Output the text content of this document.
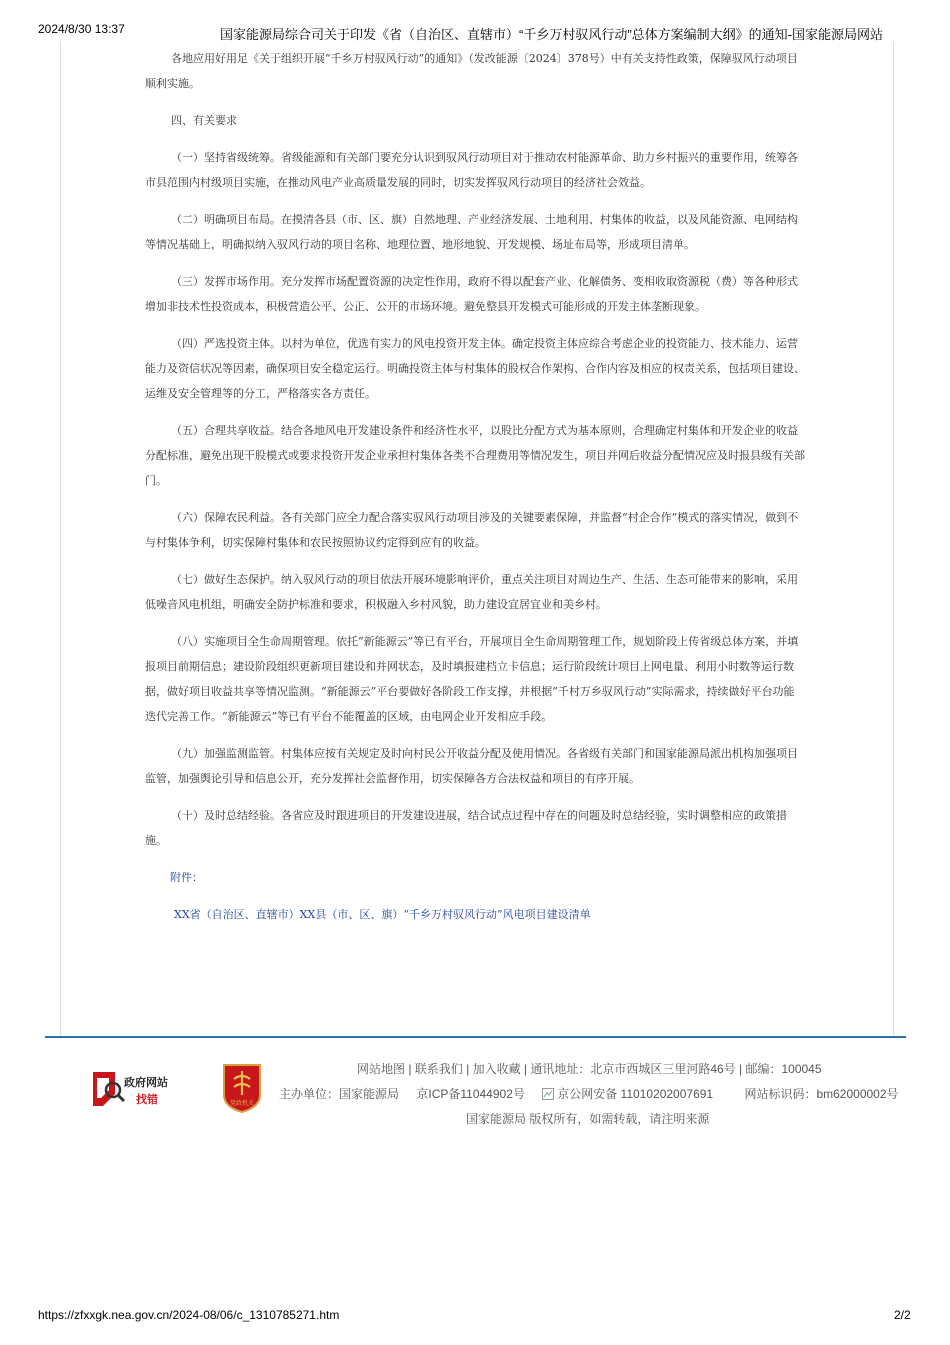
2024/8/30 13:37	国家能源局综合司关于印发《省（自治区、直辖市）“千乡万村驭风行动”总体方案编制大纲》的通知-国家能源局网站

各地应用好用足《关于组织开展“千乡万村驭风行动”的通知》（发改能源〔2024〕378号）中有关支持性政策，保障驭风行动项目顺利实施。

四、有关要求

（一）坚持省级统筹。省级能源和有关部门要充分认识到驭风行动项目对于推动农村能源革命、助力乡村振兴的重要作用，统筹各市县范围内村级项目实施，在推动风电产业高质量发展的同时，切实发挥驭风行动项目的经济社会效益。

（二）明确项目布局。在摸清各县（市、区、旗）自然地理、产业经济发展、土地利用、村集体的收益，以及风能资源、电网结构等情况基础上，明确拟纳入驭风行动的项目名称、地理位置、地形地貌、开发规模、场址布局等，形成项目清单。

（三）发挥市场作用。充分发挥市场配置资源的决定性作用，政府不得以配套产业、化解债务、变相收取资源税（费）等各种形式增加非技术性投资成本，积极营造公平、公正、公开的市场环境。避免整县开发模式可能形成的开发主体垄断现象。

（四）严选投资主体。以村为单位，优选有实力的风电投资开发主体。确定投资主体应综合考虑企业的投资能力、技术能力、运营能力及资信状况等因素，确保项目安全稳定运行。明确投资主体与村集体的股权合作架构、合作内容及相应的权责关系，包括项目建设、运维及安全管理等的分工，严格落实各方责任。

（五）合理共享收益。结合各地风电开发建设条件和经济性水平，以股比分配方式为基本原则，合理确定村集体和开发企业的收益分配标准，避免出现干股模式或要求投资开发企业承担村集体各类不合理费用等情况发生，项目并网后收益分配情况应及时报县级有关部门。

（六）保障农民利益。各有关部门应全力配合落实驭风行动项目涉及的关键要素保障，并监督“村企合作”模式的落实情况，做到不与村集体争利，切实保障村集体和农民按照协议约定得到应有的收益。

（七）做好生态保护。纳入驭风行动的项目依法开展环境影响评价，重点关注项目对周边生产、生活、生态可能带来的影响，采用低噪音风电机组，明确安全防护标准和要求，积极融入乡村风貌，助力建设宜居宜业和美乡村。

（八）实施项目全生命周期管理。依托“新能源云”等已有平台，开展项目全生命周期管理工作，规划阶段上传省级总体方案，并填报项目前期信息；建设阶段组织更新项目建设和并网状态，及时填报建档立卡信息；运行阶段统计项目上网电量、利用小时数等运行数据，做好项目收益共享等情况监测。“新能源云”平台要做好各阶段工作支撑，并根据“千村万乡驭风行动”实际需求，持续做好平台功能迭代完善工作。“新能源云”等已有平台不能覆盖的区域，由电网企业开发相应手段。

（九）加强监测监管。村集体应按有关规定及时向村民公开收益分配及使用情况。各省级有关部门和国家能源局派出机构加强项目监管，加强舆论引导和信息公开，充分发挥社会监督作用，切实保障各方合法权益和项目的有序开展。

（十）及时总结经验。各省应及时跟进项目的开发建设进展，结合试点过程中存在的问题及时总结经验，实时调整相应的政策措施。

附件：

XX省（自治区、直辖市）XX县（市、区、旗）“千乡万村驭风行动”风电项目建设清单

政府网站
找错	党政机关
网站地图 | 联系我们 | 加入收藏 | 通讯地址：北京市西城区三里河路46号 | 邮编：100045
主办单位：国家能源局 京ICP备11044902号	京公网安备 11010202007691	网站标识码：bm62000002号
国家能源局 版权所有，如需转载，请注明来源
https://zfxxgk.nea.gov.cn/2024-08/06/c_1310785271.htm	2/2
